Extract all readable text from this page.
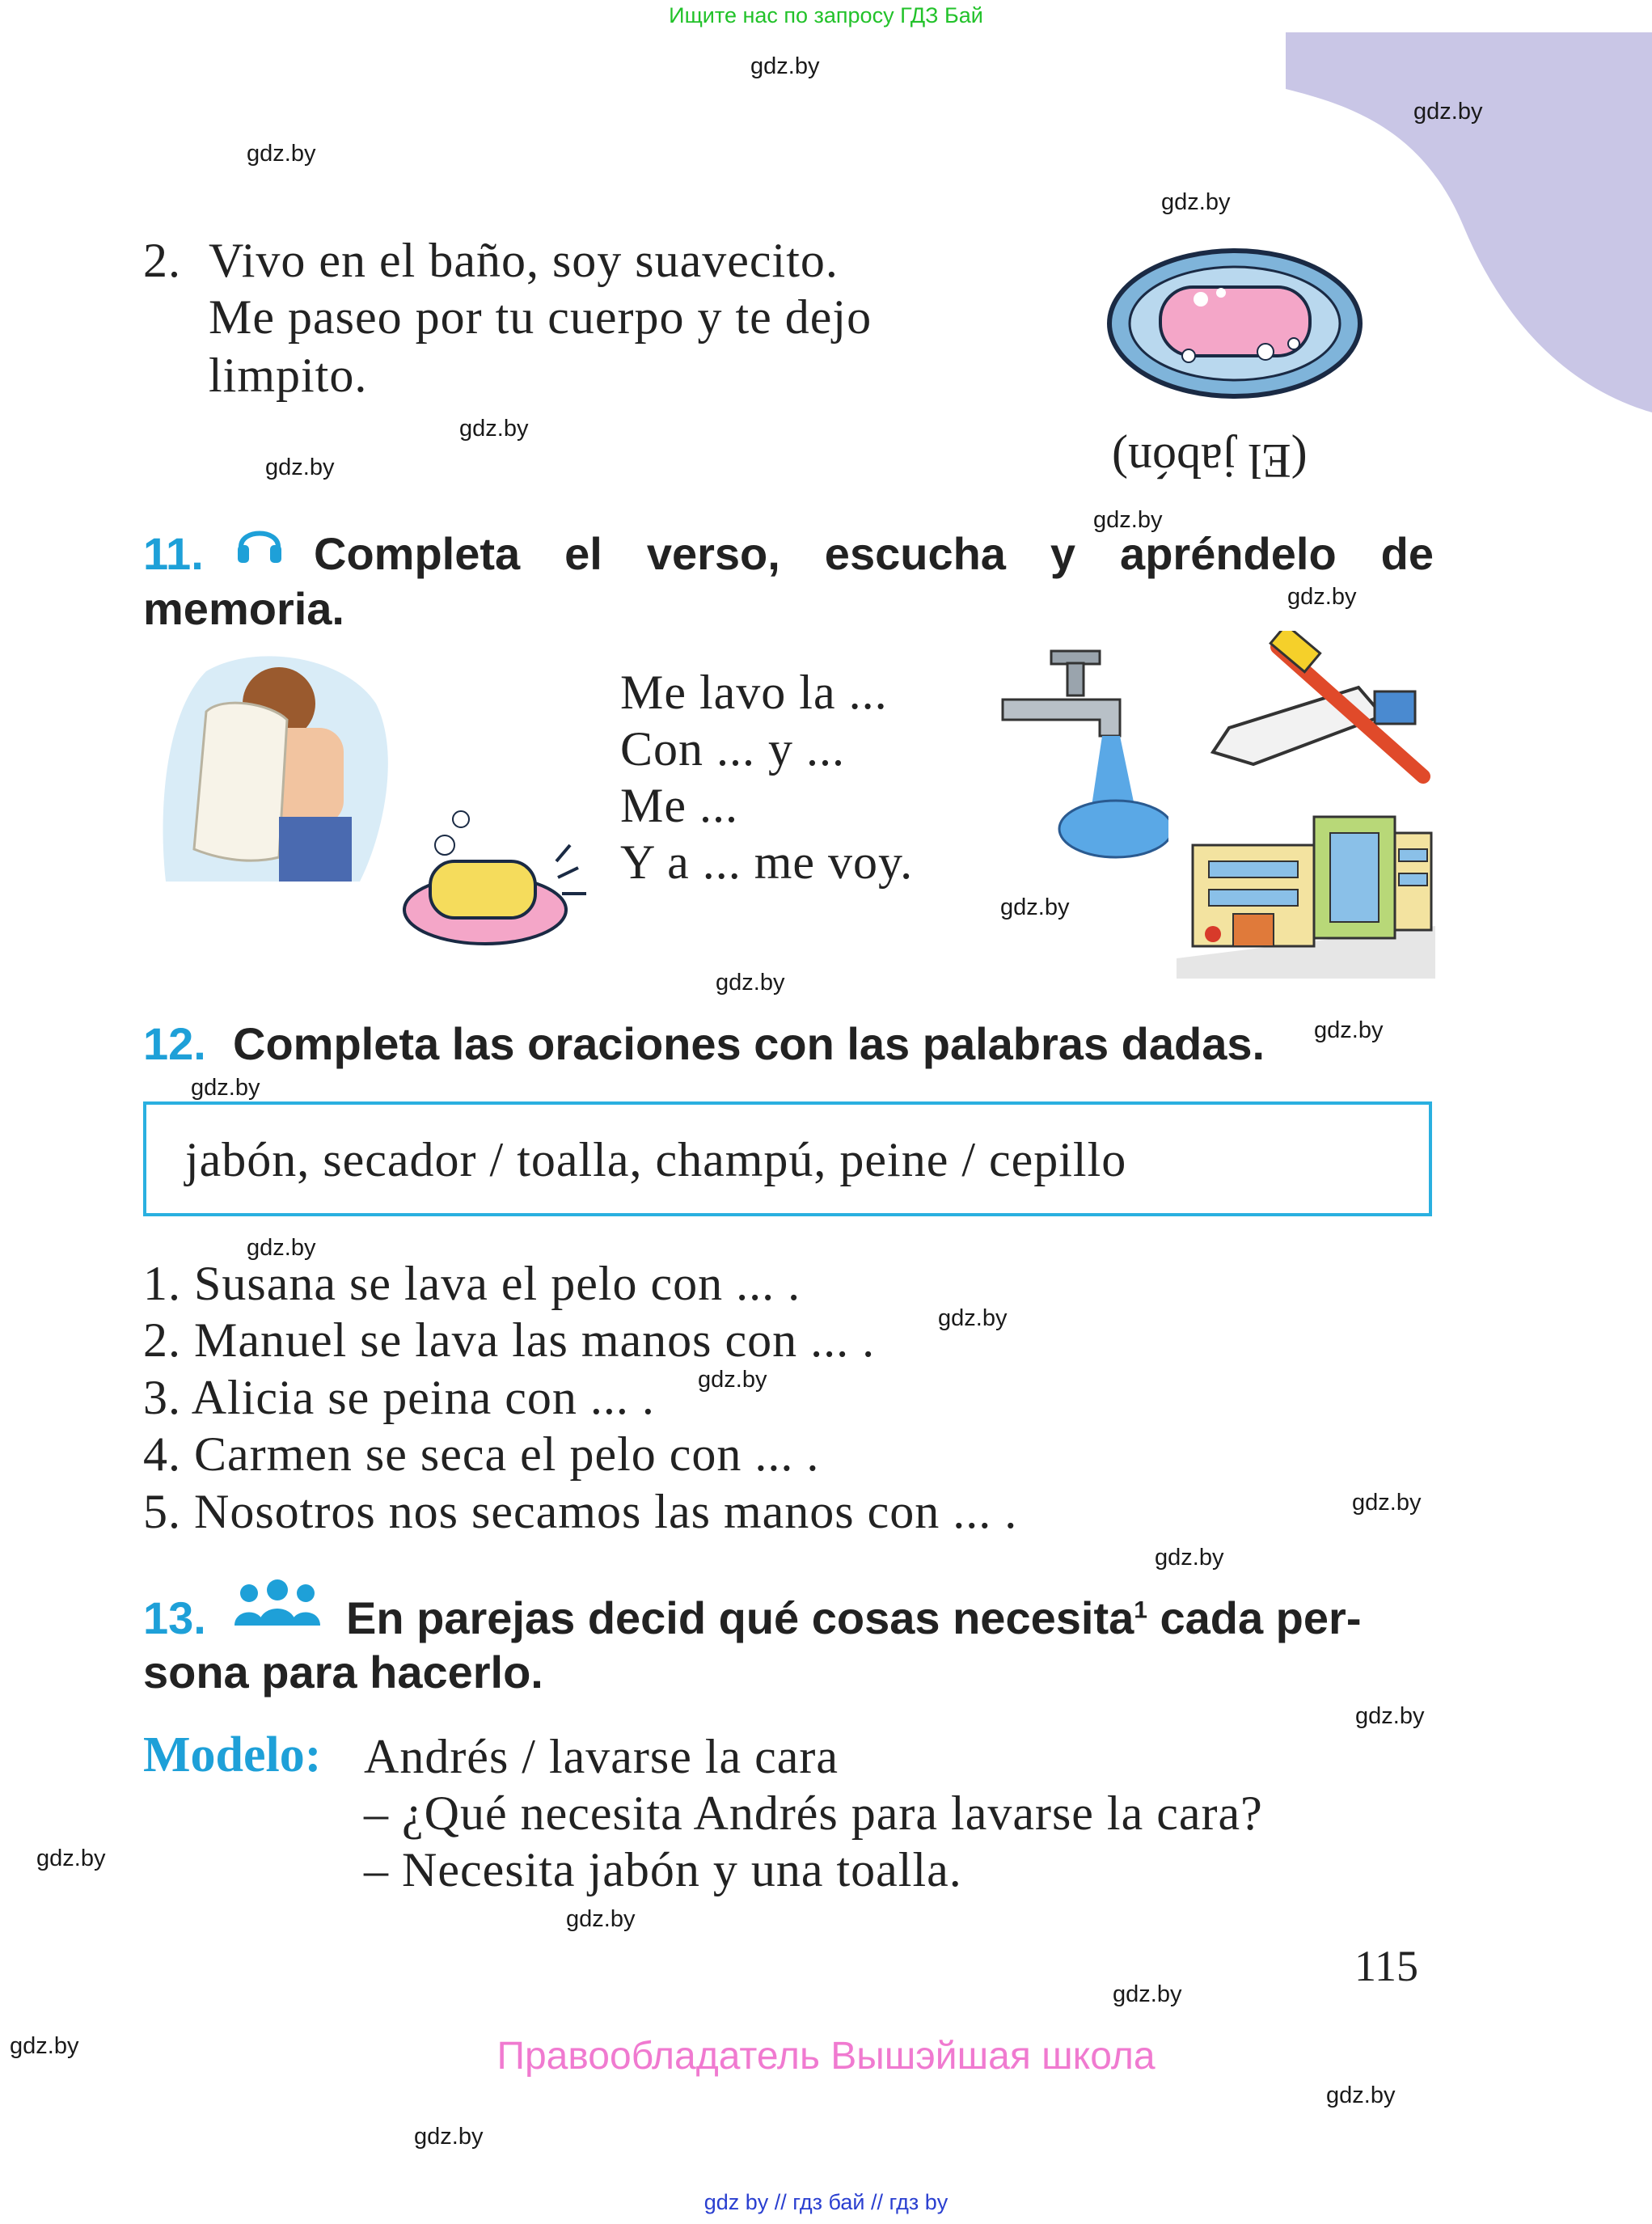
Ищите нас по запросу ГДЗ Бай
gdz.by
gdz.by
gdz.by
gdz.by
gdz.by
gdz.by
gdz.by
gdz.by
gdz.by
gdz.by
gdz.by
gdz.by
gdz.by
gdz.by
gdz.by
gdz.by
gdz.by
gdz.by
gdz.by
gdz.by
gdz.by
gdz.by
gdz.by
gdz.by
2. Vivo en el baño, soy suavecito.
Me paseo por tu cuerpo y te dejo
limpito.
(El jabón)
11. Completa el verso, escucha y apréndelo de
memoria.
Me lavo la ...
Con ... y ...
Me ...
Y a ... me voy.
12. Completa las oraciones con las palabras dadas.
jabón, secador / toalla, champú, peine / cepillo
1. Susana se lava el pelo con ... .
2. Manuel se lava las manos con ... .
3. Alicia se peina con ... .
4. Carmen se seca el pelo con ... .
5. Nosotros nos secamos las manos con ... .
13.	En parejas decid qué cosas necesita$^1$ cada per-
sona para hacerlo.
Modelo: Andrés / lavarse la cara
– ¿Qué necesita Andrés para lavarse la cara?
– Necesita jabón y una toalla.
115
Правообладатель Вышэйшая школа
gdz by // гдз бай // гдз by
